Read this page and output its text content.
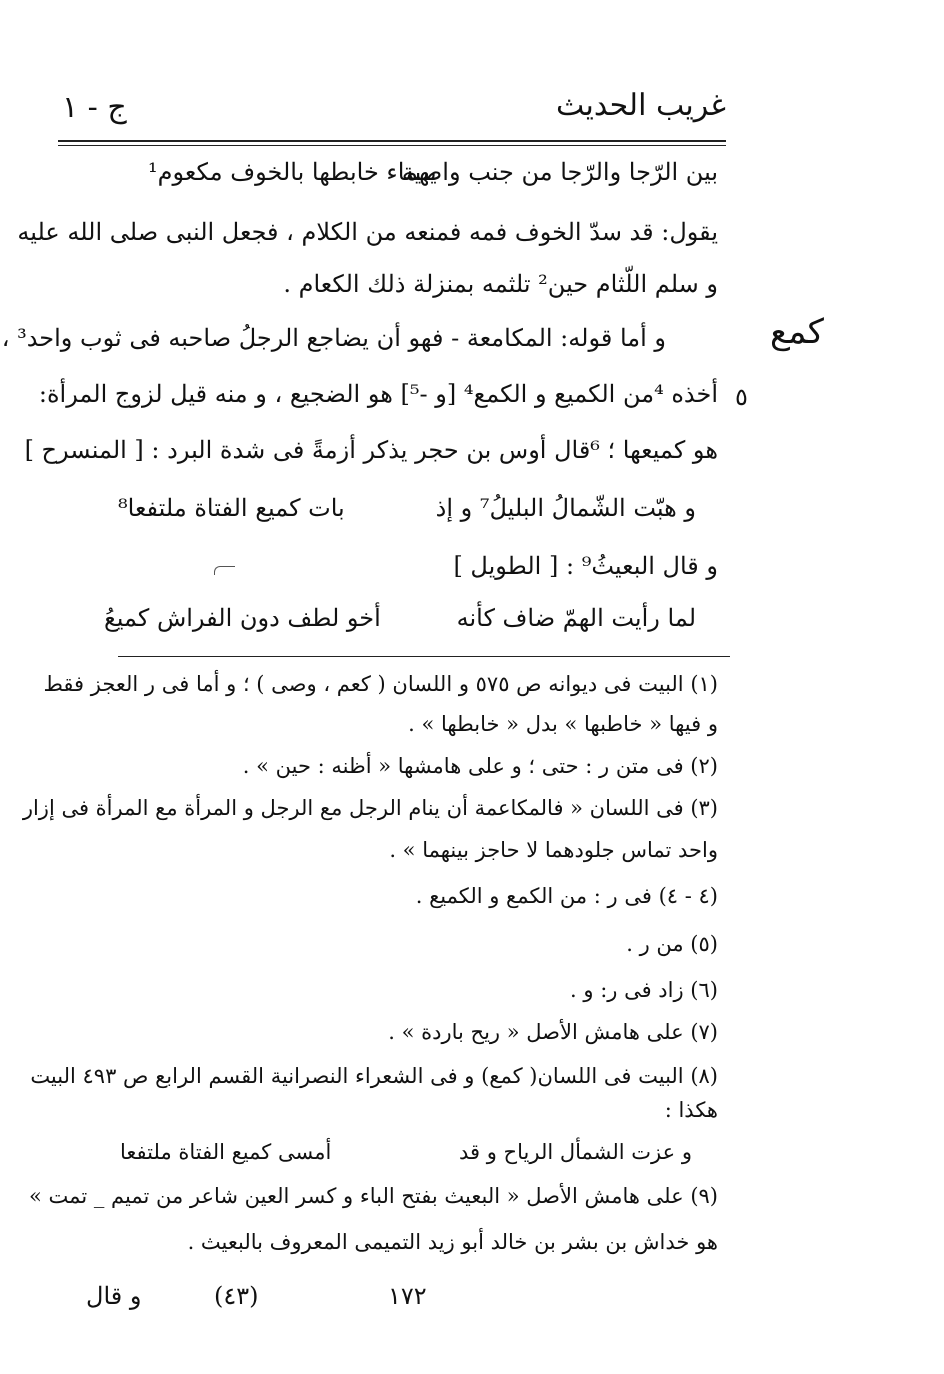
ج - ١	غريب الحديث
كمع
٥
بين الرّجا والرّجا من جنب واصية
يهماء خابطها بالخوف مكعوم¹
يقول: قد سدّ الخوف فمه فمنعه من الكلام ، فجعل النبى صلى الله عليه
و سلم اللّثام حين² تلثمه بمنزلة ذلك الكعام .
و أما قوله: المكامعة - فهو أن يضاجع الرجلُ صاحبه فى ثوب واحد³ ،
أخذه ⁴من الكميع و الكمع⁴ [و -⁵] هو الضجيع ، و منه قيل لزوج المرأة:
هو كميعها ؛ ⁶قال أوس بن حجر يذكر أزمةً فى شدة البرد : [ المنسرح ]
و هبّت الشّمالُ البليلُ⁷ و إذ
بات كميع الفتاة ملتفعا⁸
و قال البعيثُ⁹ : [ الطويل ]
لما رأيت الهمّ ضاف كأنه
أخو لطف دون الفراش كميعُ
(١) البيت فى ديوانه ص ٥٧٥ و اللسان ( كعم ، وصى ) ؛ و أما فى ر العجز فقط
و فيها « خاطبها » بدل « خابطها » .
(٢) فى متن ر : حتى ؛ و على هامشها « أظنه : حين » .
(٣) فى اللسان « فالمكاعمة أن ينام الرجل مع الرجل و المرأة مع المرأة فى إزار
واحد تماس جلودهما لا حاجز بينهما » .
(٤ - ٤) فى ر : من الكمع و الكميع .
(٥) من ر .
(٦) زاد فى ر: و .
(٧) على هامش الأصل « ريح باردة » .
(٨) البيت فى اللسان( كمع) و فى الشعراء النصرانية القسم الرابع ص ٤٩٣ البيت
هكذا :
و عزت الشمأل الرياح و قد
أمسى كميع الفتاة ملتفعا
(٩) على هامش الأصل « البعيث بفتح الباء و كسر العين شاعر من تميم _ تمت »
هو خداش بن بشر بن خالد أبو زيد التميمى المعروف بالبعيث .
و قال	(٤٣)	١٧٢
